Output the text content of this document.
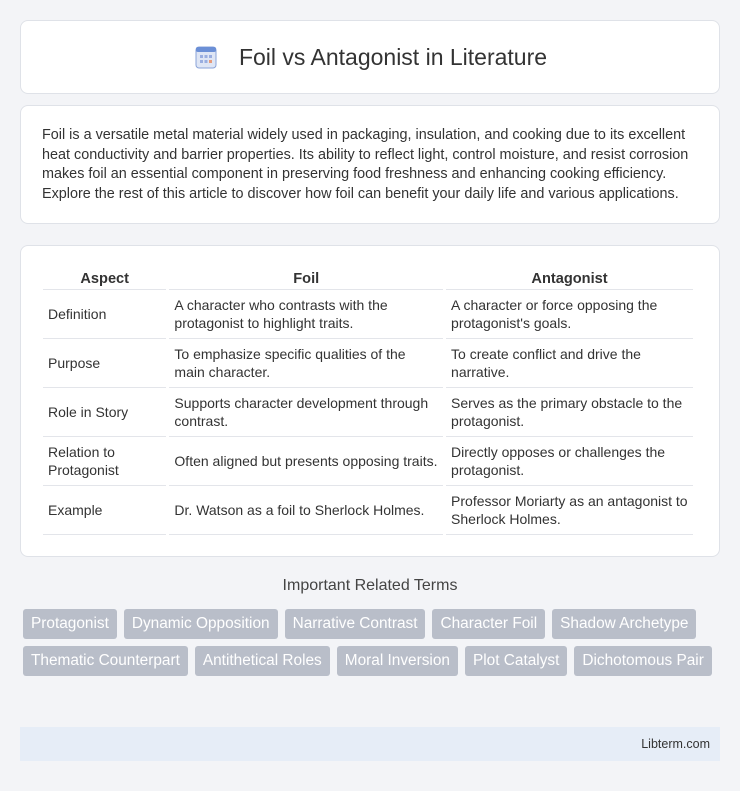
Foil vs Antagonist in Literature

Foil is a versatile metal material widely used in packaging, insulation, and cooking due to its excellent heat conductivity and barrier properties. Its ability to reflect light, control moisture, and resist corrosion makes foil an essential component in preserving food freshness and enhancing cooking efficiency. Explore the rest of this article to discover how foil can benefit your daily life and various applications.

Aspect	Foil	Antagonist
Definition	A character who contrasts with the protagonist to highlight traits.	A character or force opposing the protagonist's goals.
Purpose	To emphasize specific qualities of the main character.	To create conflict and drive the narrative.
Role in Story	Supports character development through contrast.	Serves as the primary obstacle to the protagonist.
Relation to Protagonist	Often aligned but presents opposing traits.	Directly opposes or challenges the protagonist.
Example	Dr. Watson as a foil to Sherlock Holmes.	Professor Moriarty as an antagonist to Sherlock Holmes.
Important Related Terms
Protagonist	Dynamic Opposition	Narrative Contrast	Character Foil	Shadow Archetype
Thematic Counterpart	Antithetical Roles	Moral Inversion	Plot Catalyst	Dichotomous Pair
Libterm.com
